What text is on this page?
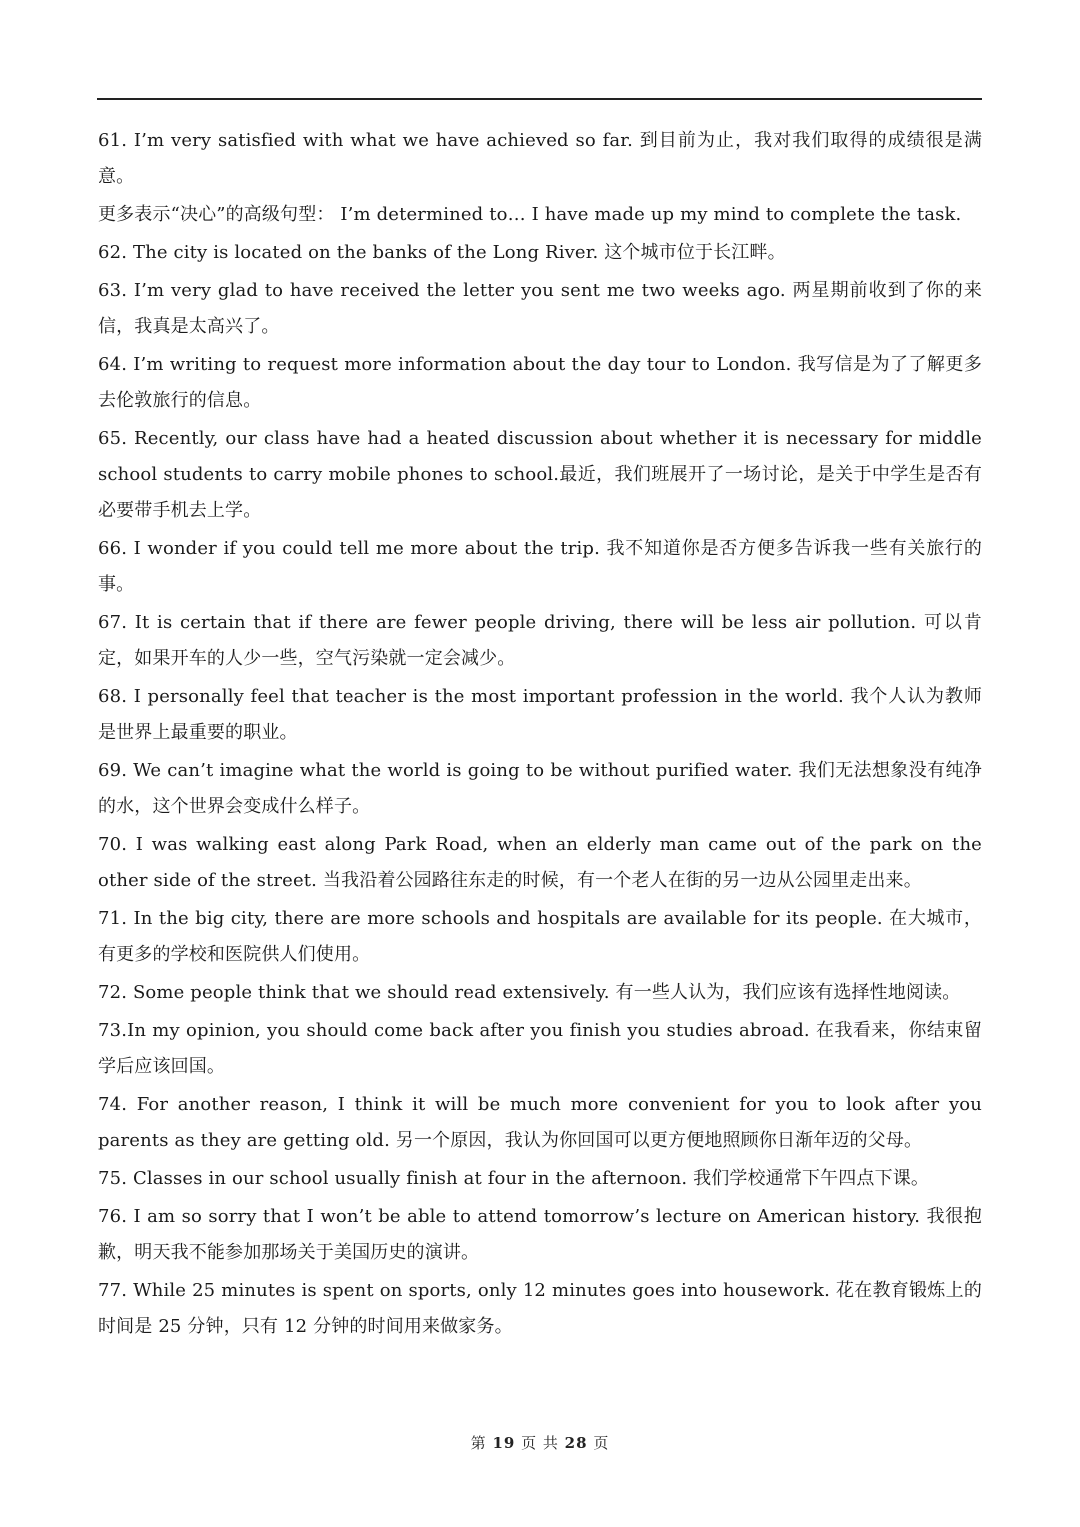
61. I’m very satisfied with what we have achieved so far. 到目前为止，我对我们取得的成绩很是满意。

更多表示“决心”的高级句型： I’m determined to… I have made up my mind to complete the task.

62. The city is located on the banks of the Long River. 这个城市位于长江畔。

63. I’m very glad to have received the letter you sent me two weeks ago. 两星期前收到了你的来信，我真是太高兴了。

64. I’m writing to request more information about the day tour to London. 我写信是为了了解更多去伦敦旅行的信息。

65. Recently, our class have had a heated discussion about whether it is necessary for middle school students to carry mobile phones to school.最近，我们班展开了一场讨论，是关于中学生是否有必要带手机去上学。

66. I wonder if you could tell me more about the trip. 我不知道你是否方便多告诉我一些有关旅行的事。

67. It is certain that if there are fewer people driving, there will be less air pollution. 可以肯定，如果开车的人少一些，空气污染就一定会减少。

68. I personally feel that teacher is the most important profession in the world. 我个人认为教师是世界上最重要的职业。

69. We can’t imagine what the world is going to be without purified water. 我们无法想象没有纯净的水，这个世界会变成什么样子。

70. I was walking east along Park Road, when an elderly man came out of the park on the other side of the street. 当我沿着公园路往东走的时候，有一个老人在街的另一边从公园里走出来。

71. In the big city, there are more schools and hospitals are available for its people. 在大城市，有更多的学校和医院供人们使用。

72. Some people think that we should read extensively. 有一些人认为，我们应该有选择性地阅读。

73.In my opinion, you should come back after you finish you studies abroad. 在我看来，你结束留学后应该回国。

74. For another reason, I think it will be much more convenient for you to look after you parents as they are getting old. 另一个原因，我认为你回国可以更方便地照顾你日渐年迈的父母。

75. Classes in our school usually finish at four in the afternoon. 我们学校通常下午四点下课。

76. I am so sorry that I won’t be able to attend tomorrow’s lecture on American history. 我很抱歉，明天我不能参加那场关于美国历史的演讲。

77. While 25 minutes is spent on sports, only 12 minutes goes into housework. 花在教育锻炼上的时间是 25 分钟，只有 12 分钟的时间用来做家务。

第 19 页 共 28 页
